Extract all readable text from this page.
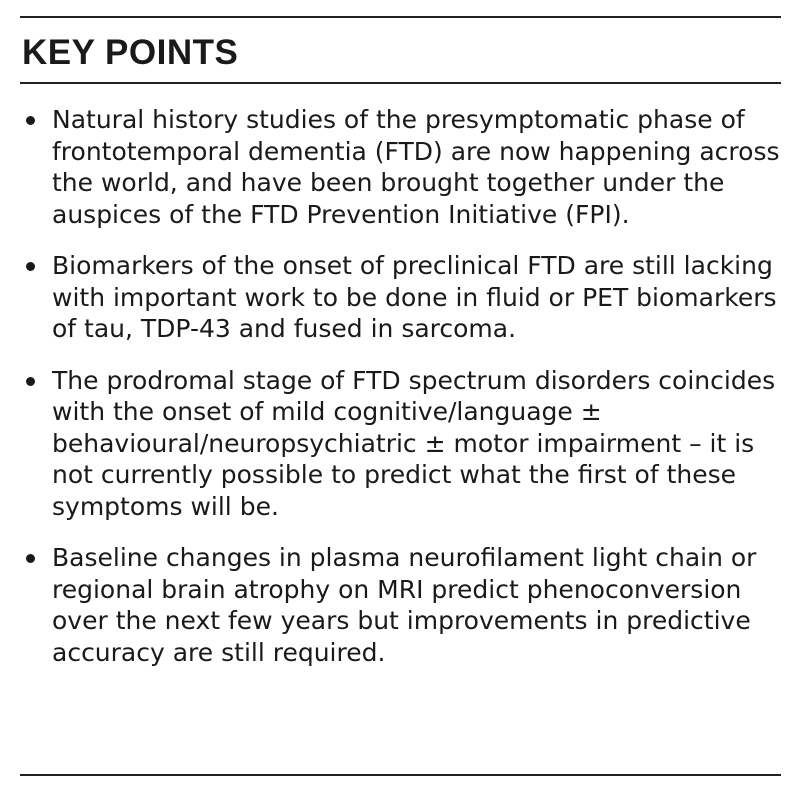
KEY POINTS
Natural history studies of the presymptomatic phase of frontotemporal dementia (FTD) are now happening across the world, and have been brought together under the auspices of the FTD Prevention Initiative (FPI).
Biomarkers of the onset of preclinical FTD are still lacking with important work to be done in fluid or PET biomarkers of tau, TDP-43 and fused in sarcoma.
The prodromal stage of FTD spectrum disorders coincides with the onset of mild cognitive/language ± behavioural/neuropsychiatric ± motor impairment – it is not currently possible to predict what the first of these symptoms will be.
Baseline changes in plasma neurofilament light chain or regional brain atrophy on MRI predict phenoconversion over the next few years but improvements in predictive accuracy are still required.
